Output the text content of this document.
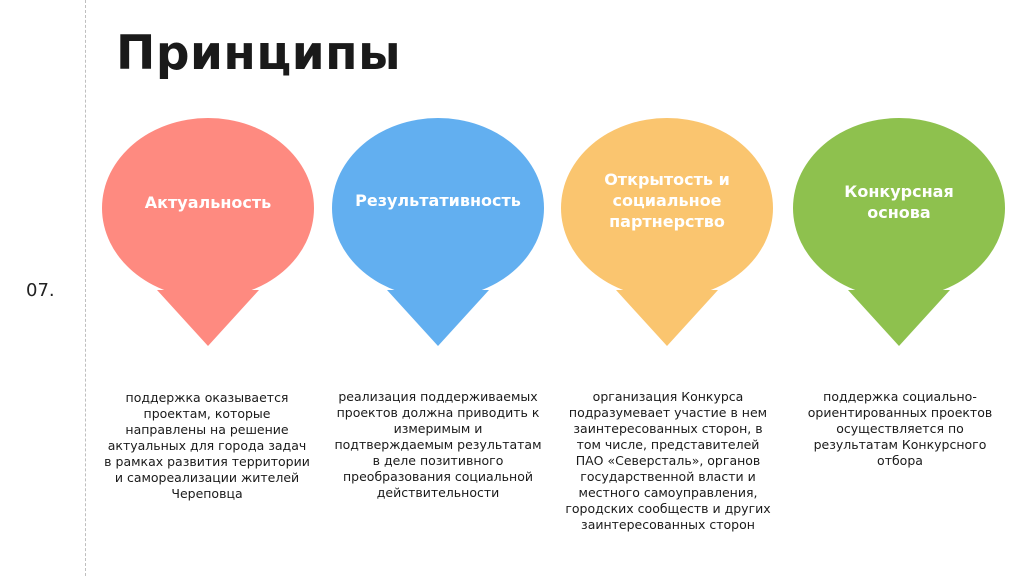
Принципы
07.
Актуальность	Результативность
Открытость и социальное партнерство
Конкурсная основа
поддержка оказывается проектам, которые направлены на решение актуальных для города задач в рамках развития территории и самореализации жителей Череповца
реализация поддерживаемых проектов должна приводить к измеримым и подтверждаемым результатам в деле позитивного преобразования социальной действительности
организация Конкурса подразумевает участие в нем заинтересованных сторон, в том числе, представителей ПАО «Северсталь», органов государственной власти и местного самоуправления, городских сообществ и других заинтересованных сторон
поддержка социально-ориентированных проектов осуществляется по результатам Конкурсного отбора
